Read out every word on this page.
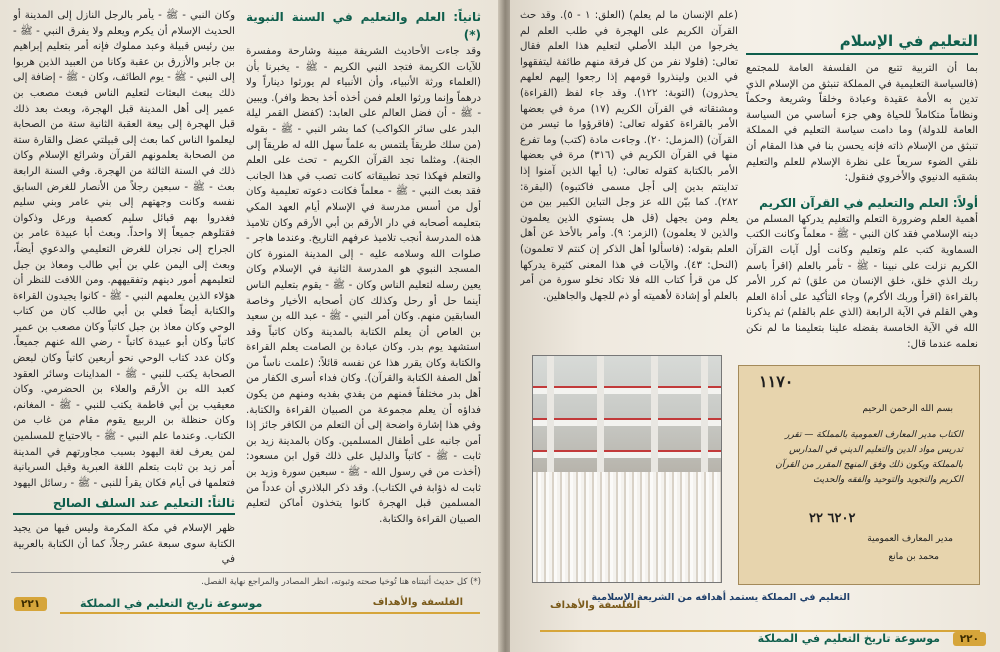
ثانياً: العلم والتعليم في السنة النبوية (*)

وقد جاءت الأحاديث الشريفة مبينة وشارحة ومفسرة للآيات الكريمة فتجد النبي الكريم - ﷺ - يخبرنا بأن (العلماء ورثة الأنبياء، وأن الأنبياء لم يورثوا ديناراً ولا درهماً وإنما ورثوا العلم فمن أخذه أخذ بحظ وافر). ويبين - ﷺ - أن فضل العالم على العابد: (كفضل القمر ليلة البدر على سائر الكواكب) كما بشر النبي - ﷺ - بقوله (من سلك طريقاً يلتمس به علماً سهل الله له طريقاً إلى الجنة). ومثلما تجد القرآن الكريم - تحث على العلم والتعلم فهكذا تجد تطبيقاته كانت تصب في هذا الجانب فقد بعث النبي - ﷺ - معلماً فكانت دعوته تعليمية وكان أول من أسس مدرسة في الإسلام أيام العهد المكي بتعليمه أصحابه في دار الأرقم بن أبي الأرقم وكان تلاميذ هذه المدرسة أنجب تلاميذ عرفهم التاريخ. وعندما هاجر - صلوات الله وسلامه عليه - إلى المدينة المنورة كان المسجد النبوي هو المدرسة الثانية في الإسلام وكان يعين رسله لتعليم الناس وكان - ﷺ - يقوم بتعليم الناس أينما حل أو رحل وكذلك كان أصحابه الأخيار وخاصة السابقين منهم. وكان أمر النبي - ﷺ - عبد الله بن سعيد بن العاص أن يعلم الكتابة بالمدينة وكان كاتباً وقد استشهد يوم بدر. وكان عبادة بن الصامت يعلم القراءة والكتابة وكان يقرر هذا عن نفسه قائلاً: (علمت ناساً من أهل الصفة الكتابة والقرآن). وكان فداء أسرى الكفار من أهل بدر مختلفاً فمنهم من يفدي بفديه ومنهم من يكون فداؤه أن يعلم مجموعة من الصبيان القراءة والكتابة. وفي هذا إشارة واضحة إلى أن التعلم من الكافر جائز إذا أمن جانبه على أطفال المسلمين. وكان بالمدينة زيد بن ثابت - ﷺ - كاتباً والدليل على ذلك قول ابن مسعود: (أخذت من في رسول الله - ﷺ - سبعين سورة وزيد بن ثابت له ذؤابة في الكتاب). وقد ذكر البلاذري أن عدداً من المسلمين قبل الهجرة كانوا يتخذون أماكن لتعليم الصبيان القراءة والكتابة.

وكان النبي - ﷺ - يأمر بالرجل النازل إلى المدينة أو الحديث الإسلام أن يكرم ويعلم ولا يفرق النبي - ﷺ - بين رئيس قبيلة وعبد مملوك فإنه أمر بتعليم إبراهيم بن جابر والأزرق بن عقبة وكانا من العبيد الذين هربوا إلى النبي - ﷺ - يوم الطائف، وكان - ﷺ - إضافة إلى ذلك يبعث البعثات لتعليم الناس فبعث مصعب بن عمير إلى أهل المدينة قبل الهجرة، وبعث بعد ذلك قبل الهجرة إلى بيعة العقبة الثانية ستة من الصحابة ليعلموا الناس كما بعث إلى قبيلتي عضل والقارة ستة من الصحابة يعلمونهم القرآن وشرائع الإسلام وكان ذلك في السنة الثالثة من الهجرة. وفي السنة الرابعة بعث - ﷺ - سبعين رجلاً من الأنصار للغرض السابق نفسه وكانت وجهتهم إلى بني عامر وبني سليم فغدروا بهم قبائل سليم كعصية ورعل وذكوان فقتلوهم جميعاً إلا واحداً. وبعث أبا عبيدة عامر بن الجراح إلى نجران للغرض التعليمي والدعوي أيضاً، وبعث إلى اليمن علي بن أبي طالب ومعاذ بن جبل لتعليمهم أمور دينهم وتفقيههم. ومن اللافت للنظر أن هؤلاء الذين يعلمهم النبي - ﷺ - كانوا يجيدون القراءة والكتابة أيضاً فعلي بن أبي طالب كان من كتاب الوحي وكان معاذ بن جبل كاتباً وكان مصعب بن عمير كاتباً وكان أبو عبيدة كاتباً - رضي الله عنهم جميعاً. وكان عدد كتاب الوحي نحو أربعين كاتباً وكان لبعض الصحابة يكتب للنبي - ﷺ - المداينات وسائر العقود كعبد الله بن الأرقم والعلاء بن الحضرمي. وكان معيقيب بن أبي فاطمة يكتب للنبي - ﷺ - المغانم، وكان حنظلة بن الربيع يقوم مقام من غاب من الكتاب. وعندما علم النبي - ﷺ - بالاحتياج للمسلمين لمن يعرف لغة اليهود بسبب مجاورتهم في المدينة أمر زيد بن ثابت بتعلم اللغة العبرية وقيل السريانية فتعلمها في أيام فكان يقرأ للنبي - ﷺ - رسائل اليهود

ثالثاً: التعليم عند السلف الصالح

ظهر الإسلام في مكة المكرمة وليس فيها من يجيد الكتابة سوى سبعة عشر رجلاً، كما أن الكتابة بالعربية في

(*) كل حديث أثبتناه هنا تُوخيا صحته وثبوته، انظر المصادر والمراجع نهاية الفصل.
موسوعة تاريخ التعليم في المملكة	الفلسفة والأهداف
٢٢١

التعليم في الإسلام

بما أن التربية تتبع من الفلسفة العامة للمجتمع (فالسياسة التعليمية في المملكة تنبثق من الإسلام الذي تدين به الأمة عقيدة وعبادة وخلقاً وشريعة وحكماً ونظاماً متكاملاً للحياة وهي جزء أساسي من السياسة العامة للدولة) وما دامت سياسة التعليم في المملكة تنبثق من الإسلام ذاته فإنه يحسن بنا في هذا المقام أن نلقي الضوء سريعاً على نظرة الإسلام للعلم والتعليم بشقيه الدنيوي والأخروي فنقول:

أولاً: العلم والتعليم في القرآن الكريم

أهمية العلم وضرورة التعلم والتعليم يدركها المسلم من دينه الإسلامي فقد كان النبي - ﷺ - معلماً وكانت الكتب السماوية كتب علم وتعليم وكانت أول آيات القرآن الكريم نزلت على نبينا - ﷺ - تأمر بالعلم (اقرأ باسم ربك الذي خلق، خلق الإنسان من علق) ثم كرر الأمر بالقراءة (اقرأ وربك الأكرم) وجاء التأكيد على أداة العلم وهي القلم في الآية الرابعة (الذي علم بالقلم) ثم يذكرنا الله في الآية الخامسة بفضله علينا بتعليمنا ما لم نكن نعلمه عندما قال:

(علم الإنسان ما لم يعلم) (العلق: ١ - ٥). وقد حث القرآن الكريم على الهجرة في طلب العلم لم يخرجوا من البلد الأصلي لتعليم هذا العلم فقال تعالى: (فلولا نفر من كل فرقة منهم طائفة ليتفقهوا في الدين ولينذروا قومهم إذا رجعوا إليهم لعلهم يحذرون) (التوبة: ١٢٢). وقد جاء لفظ (القراءة) ومشتقاته في القرآن الكريم (١٧) مرة في بعضها الأمر بالقراءة كقوله تعالى: (فاقرؤوا ما تيسر من القرآن) (المزمل: ٢٠). وجاءت مادة (كتب) وما تفرع منها في القرآن الكريم في (٣١٦) مرة في بعضها الأمر بالكتابة كقوله تعالى: (يا أيها الذين آمنوا إذا تداينتم بدين إلى أجل مسمى فاكتبوه) (البقرة: ٢٨٢). كما بيّن الله عز وجل التباين الكبير بين من يعلم ومن يجهل (قل هل يستوي الذين يعلمون والذين لا يعلمون) (الزمر: ٩). وأمر بالأخذ عن أهل العلم بقوله: (فاسألوا أهل الذكر إن كنتم لا تعلمون) (النحل: ٤٣). والآيات في هذا المعنى كثيرة يدركها كل من قرأ كتاب الله فلا تكاد تخلو سورة من أمر بالعلم أو إشادة لأهميته أو ذم للجهل والجاهلين.

١١٧٠
بسم الله الرحمن الرحيم
الكتاب مدير المعارف العمومية بالمملكة — تقرر تدريس مواد الدين والتعليم الديني في المدارس بالمملكة ويكون ذلك وفق المنهج المقرر من القرآن الكريم والتجويد والتوحيد والفقه والحديث
٦٢٠٢ ٢٢
مدير المعارف العمومية
محمد بن مانع
التعليم في المملكة يستمد أهدافه من الشريعة الإسلامية
الفلسفة والأهداف
موسوعة تاريخ التعليم في المملكة	٢٢٠
